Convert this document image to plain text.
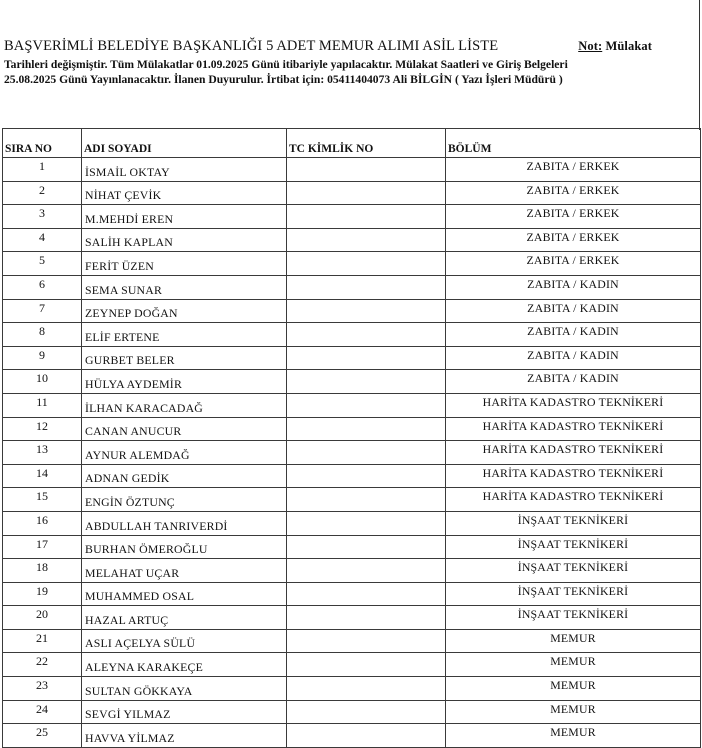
BAŞVERİMLİ BELEDİYE BAŞKANLIĞI 5 ADET MEMUR ALIMI ASİL LİSTE	Not: Mülakat
Tarihleri değişmiştir. Tüm Mülakatlar 01.09.2025 Günü itibariyle yapılacaktır. Mülakat Saatleri ve Giriş Belgeleri
25.08.2025 Günü Yayınlanacaktır. İlanen Duyurulur. İrtibat için: 05411404073 Ali BİLGİN ( Yazı İşleri Müdürü )
SIRA NO	ADI SOYADI	TC KİMLİK NO	BÖLÜM
1	İSMAİL OKTAY		ZABITA / ERKEK
2	NİHAT ÇEVİK		ZABITA / ERKEK
3	M.MEHDİ EREN		ZABITA / ERKEK
4	SALİH KAPLAN		ZABITA / ERKEK
5	FERİT ÜZEN		ZABITA / ERKEK
6	SEMA SUNAR		ZABITA / KADIN
7	ZEYNEP DOĞAN		ZABITA / KADIN
8	ELİF ERTENE		ZABITA / KADIN
9	GURBET BELER		ZABITA / KADIN
10	HÜLYA AYDEMİR		ZABITA / KADIN
11	İLHAN KARACADAĞ		HARİTA KADASTRO TEKNİKERİ
12	CANAN ANUCUR		HARİTA KADASTRO TEKNİKERİ
13	AYNUR ALEMDAĞ		HARİTA KADASTRO TEKNİKERİ
14	ADNAN GEDİK		HARİTA KADASTRO TEKNİKERİ
15	ENGİN ÖZTUNÇ		HARİTA KADASTRO TEKNİKERİ
16	ABDULLAH TANRIVERDİ		İNŞAAT TEKNİKERİ
17	BURHAN ÖMEROĞLU		İNŞAAT TEKNİKERİ
18	MELAHAT UÇAR		İNŞAAT TEKNİKERİ
19	MUHAMMED OSAL		İNŞAAT TEKNİKERİ
20	HAZAL ARTUÇ		İNŞAAT TEKNİKERİ
21	ASLI AÇELYA SÜLÜ		MEMUR
22	ALEYNA KARAKEÇE		MEMUR
23	SULTAN GÖKKAYA		MEMUR
24	SEVGİ YILMAZ		MEMUR
25	HAVVA YİLMAZ		MEMUR
